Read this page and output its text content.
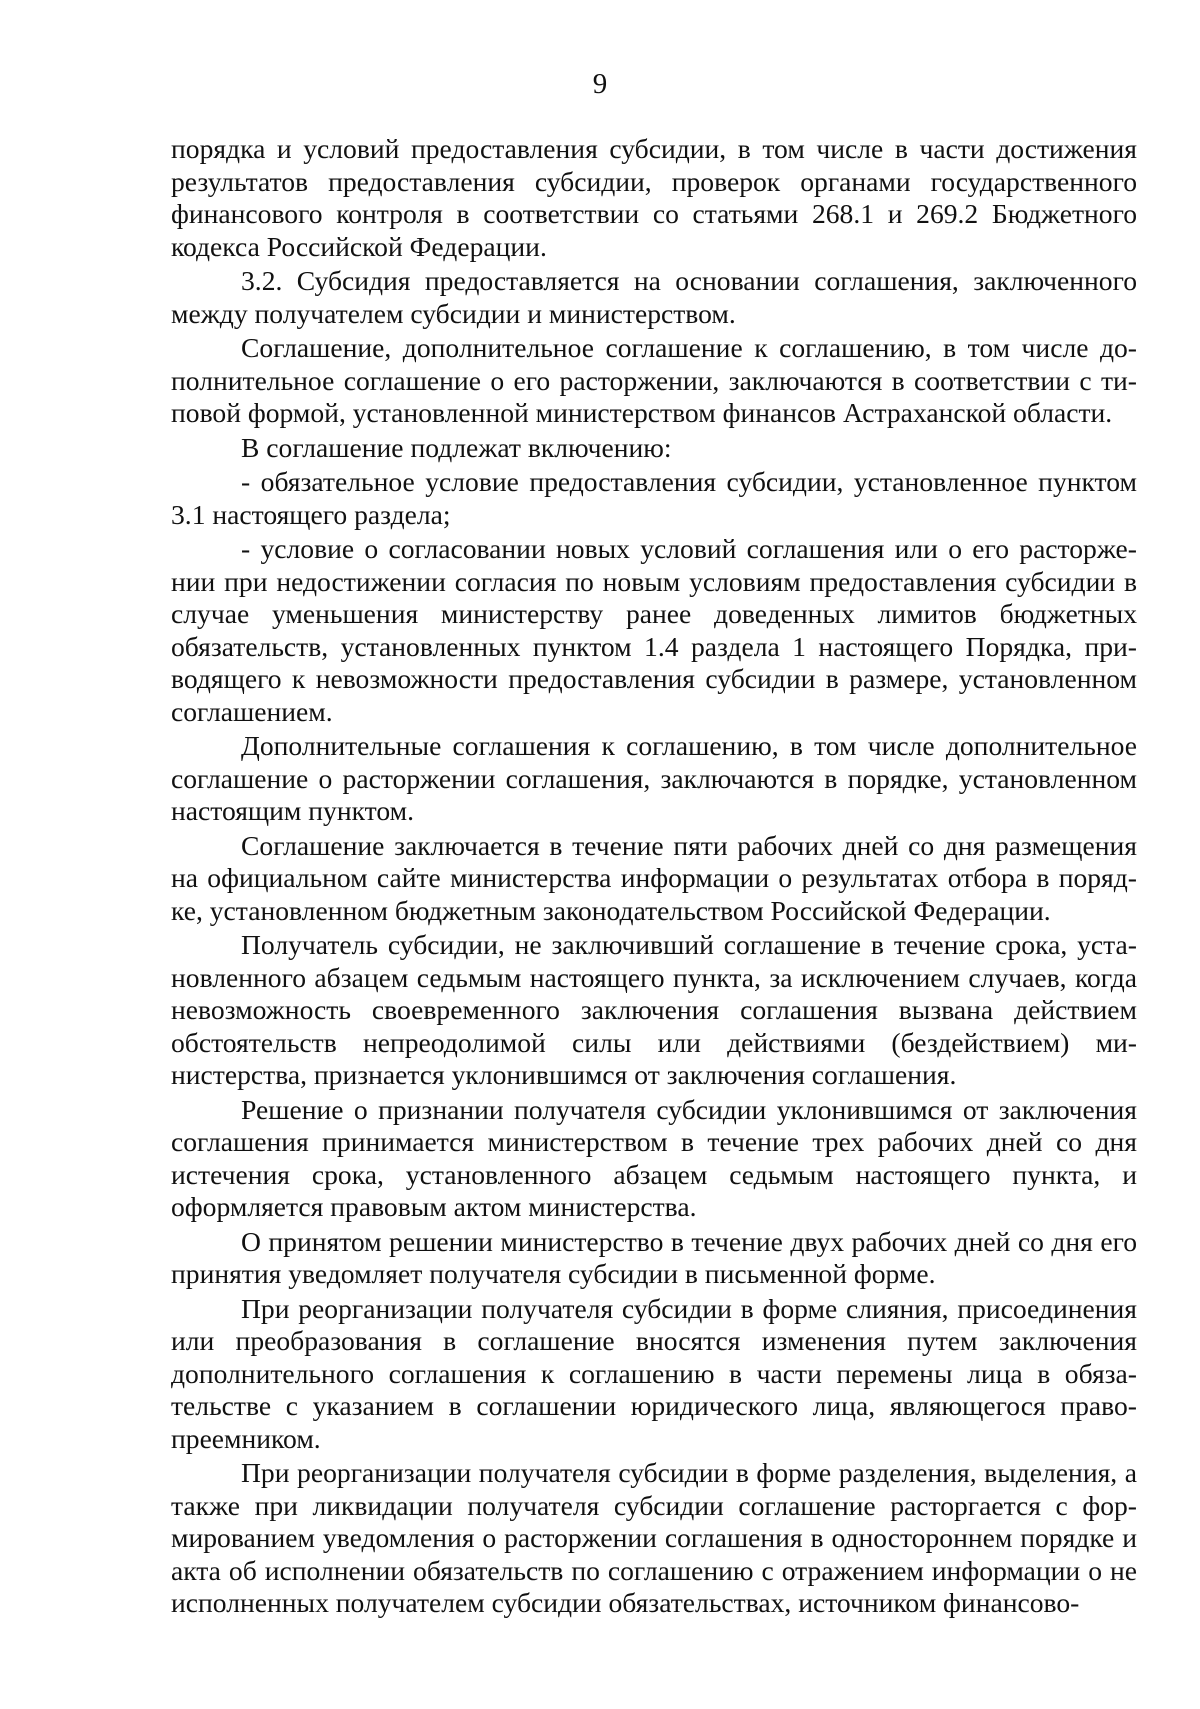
9

порядка и условий предоставления субсидии, в том числе в части достижения результатов предоставления субсидии, проверок органами государственного финансового контроля в соответствии со статьями 268.1 и 269.2 Бюджетного кодекса Российской Федерации.

3.2. Субсидия предоставляется на основании соглашения, заключенного между получателем субсидии и министерством.

Соглашение, дополнительное соглашение к соглашению, в том числе дополнительное соглашение о его расторжении, заключаются в соответствии с типовой формой, установленной министерством финансов Астраханской области.

В соглашение подлежат включению:

- обязательное условие предоставления субсидии, установленное пунктом 3.1 настоящего раздела;

- условие о согласовании новых условий соглашения или о его расторжении при недостижении согласия по новым условиям предоставления субсидии в случае уменьшения министерству ранее доведенных лимитов бюджетных обязательств, установленных пунктом 1.4 раздела 1 настоящего Порядка, приводящего к невозможности предоставления субсидии в размере, установленном соглашением.

Дополнительные соглашения к соглашению, в том числе дополнительное соглашение о расторжении соглашения, заключаются в порядке, установленном настоящим пунктом.

Соглашение заключается в течение пяти рабочих дней со дня размещения на официальном сайте министерства информации о результатах отбора в порядке, установленном бюджетным законодательством Российской Федерации.

Получатель субсидии, не заключивший соглашение в течение срока, установленного абзацем седьмым настоящего пункта, за исключением случаев, когда невозможность своевременного заключения соглашения вызвана действием обстоятельств непреодолимой силы или действиями (бездействием) министерства, признается уклонившимся от заключения соглашения.

Решение о признании получателя субсидии уклонившимся от заключения соглашения принимается министерством в течение трех рабочих дней со дня истечения срока, установленного абзацем седьмым настоящего пункта, и оформляется правовым актом министерства.

О принятом решении министерство в течение двух рабочих дней со дня его принятия уведомляет получателя субсидии в письменной форме.

При реорганизации получателя субсидии в форме слияния, присоединения или преобразования в соглашение вносятся изменения путем заключения дополнительного соглашения к соглашению в части перемены лица в обязательстве с указанием в соглашении юридического лица, являющегося правопреемником.

При реорганизации получателя субсидии в форме разделения, выделения, а также при ликвидации получателя субсидии соглашение расторгается с формированием уведомления о расторжении соглашения в одностороннем порядке и акта об исполнении обязательств по соглашению с отражением информации о не исполненных получателем субсидии обязательствах, источником финансово-
